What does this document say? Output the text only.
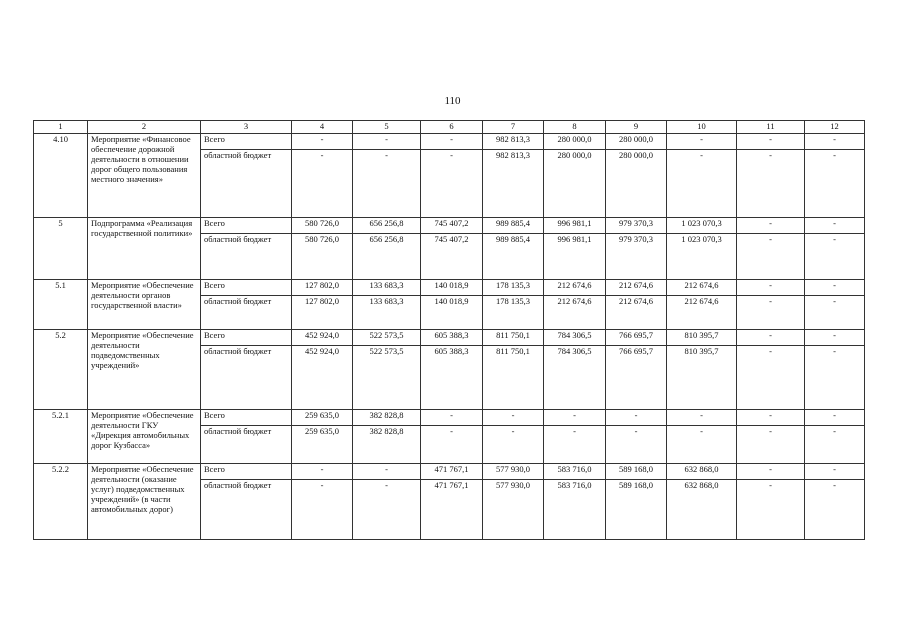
110
1	2	3	4	5	6	7	8	9	10	11	12
4.10	Мероприятие «Финансовое обеспечение дорожной деятельности в отношении дорог общего пользования местного значения»	Всего	-	-	-	982 813,3	280 000,0	280 000,0	-	-	-
		областной бюджет	-	-	-	982 813,3	280 000,0	280 000,0	-	-	-
5	Подпрограмма «Реализация государственной политики»	Всего	580 726,0	656 256,8	745 407,2	989 885,4	996 981,1	979 370,3	1 023 070,3	-	-
		областной бюджет	580 726,0	656 256,8	745 407,2	989 885,4	996 981,1	979 370,3	1 023 070,3	-	-
5.1	Мероприятие «Обеспечение деятельности органов государственной власти»	Всего	127 802,0	133 683,3	140 018,9	178 135,3	212 674,6	212 674,6	212 674,6	-	-
		областной бюджет	127 802,0	133 683,3	140 018,9	178 135,3	212 674,6	212 674,6	212 674,6	-	-
5.2	Мероприятие «Обеспечение деятельности подведомственных учреждений»	Всего	452 924,0	522 573,5	605 388,3	811 750,1	784 306,5	766 695,7	810 395,7	-	-
		областной бюджет	452 924,0	522 573,5	605 388,3	811 750,1	784 306,5	766 695,7	810 395,7	-	-
5.2.1	Мероприятие «Обеспечение деятельности ГКУ «Дирекция автомобильных дорог Кузбасса»	Всего	259 635,0	382 828,8	-	-	-	-	-	-	-
		областной бюджет	259 635,0	382 828,8	-	-	-	-	-	-	-
5.2.2	Мероприятие «Обеспечение деятельности (оказание услуг) подведомственных учреждений» (в части автомобильных дорог)	Всего	-	-	471 767,1	577 930,0	583 716,0	589 168,0	632 868,0	-	-
		областной бюджет	-	-	471 767,1	577 930,0	583 716,0	589 168,0	632 868,0	-	-
